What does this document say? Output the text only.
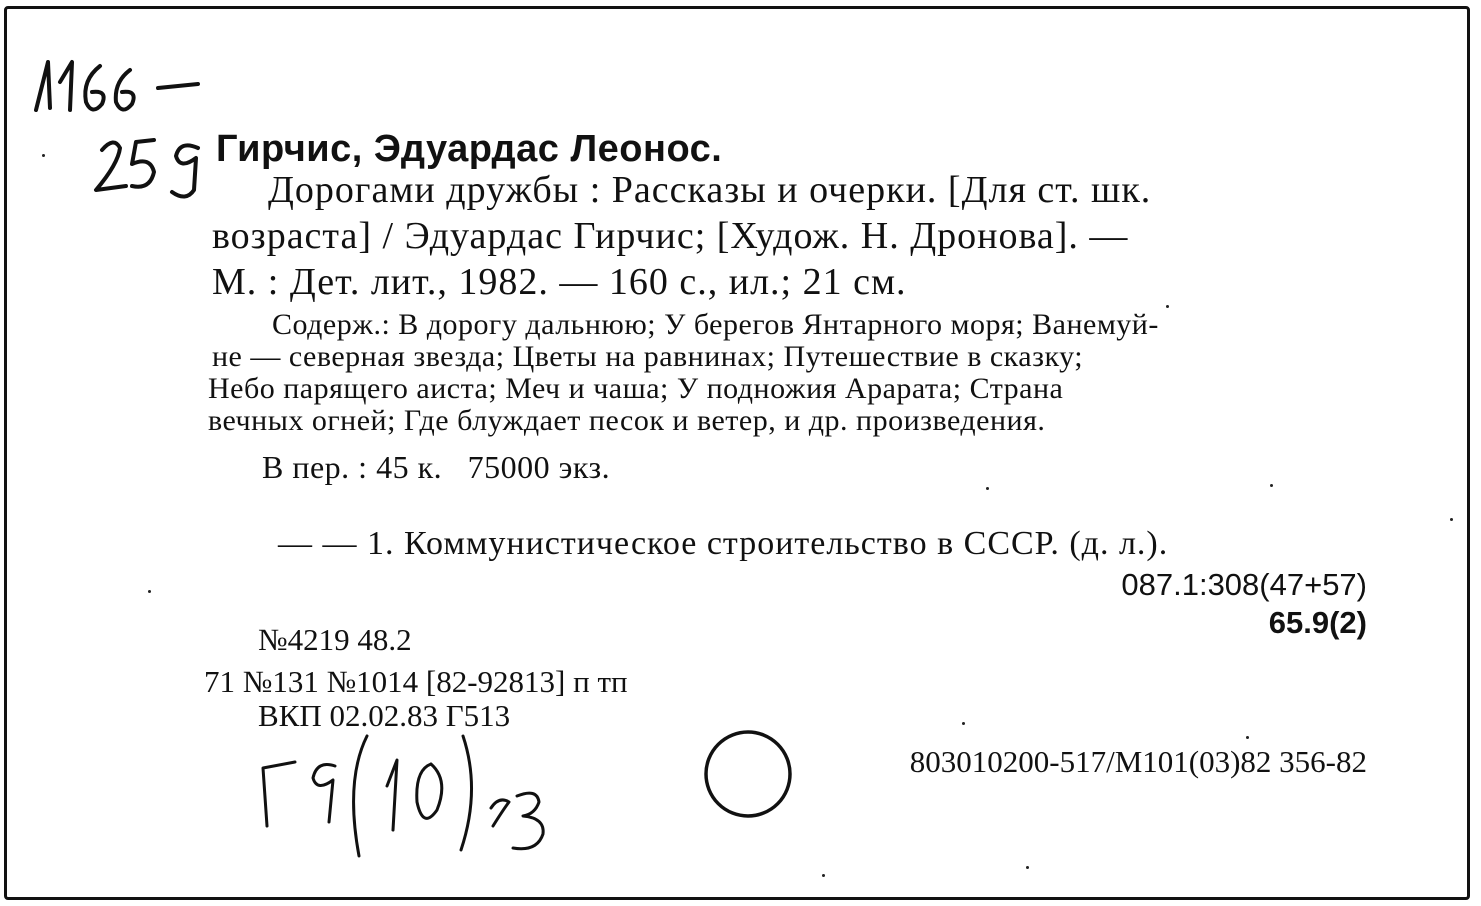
Гирчис, Эдуардас Леонос.
Дорогами дружбы : Рассказы и очерки. [Для ст. шк.
возраста] / Эдуардас Гирчис; [Худож. Н. Дронова]. —
М. : Дет. лит., 1982. — 160 с., ил.; 21 см.
Содерж.: В дорогу дальнюю; У берегов Янтарного моря; Ванемуй-
не — северная звезда; Цветы на равнинах; Путешествие в сказку;
Небо парящего аиста; Меч и чаша; У подножия Арарата; Страна
вечных огней; Где блуждает песок и ветер, и др. произведения.
В пер. : 45 к.   75000 экз.
— — 1. Коммунистическое строительство в СССР. (д. л.).
087.1:308(47+57)
65.9(2)
№4219 48.2
71 №131 №1014 [82-92813] п тп
ВКП 02.02.83 Г513
803010200-517/М101(03)82 356-82
